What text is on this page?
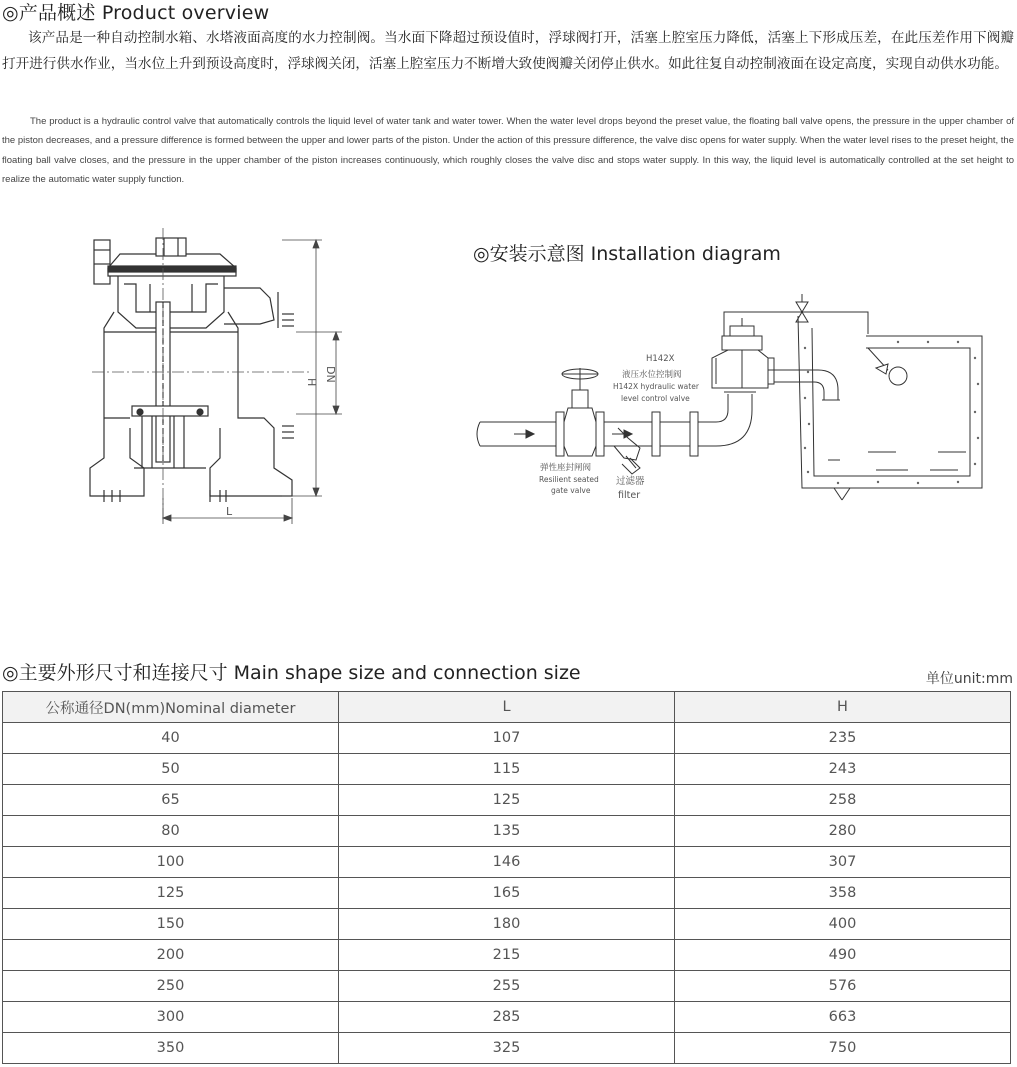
◎产品概述 Product overview
该产品是一种自动控制水箱、水塔液面高度的水力控制阀。当水面下降超过预设值时，浮球阀打开，活塞上腔室压力降低，活塞上下形成压差，在此压差作用下阀瓣打开进行供水作业，当水位上升到预设高度时，浮球阀关闭，活塞上腔室压力不断增大致使阀瓣关闭停止供水。如此往复自动控制液面在设定高度，实现自动供水功能。
The product is a hydraulic control valve that automatically controls the liquid level of water tank and water tower. When the water level drops beyond the preset value, the floating ball valve opens, the pressure in the upper chamber of the piston decreases, and a pressure difference is formed between the upper and lower parts of the piston. Under the action of this pressure difference, the valve disc opens for water supply. When the water level rises to the preset height, the floating ball valve closes, and the pressure in the upper chamber of the piston increases continuously, which roughly closes the valve disc and stops water supply. In this way, the liquid level is automatically controlled at the set height to realize the automatic water supply function.
H DN
L
◎安装示意图 Installation diagram
H142X
液压水位控制阀
H142X hydraulic water
level control valve
弹性座封闸阀
Resilient seated
gate valve
过滤器
filter
◎主要外形尺寸和连接尺寸 Main shape size and connection size	单位unit:mm
公称通径DN(mm)Nominal diameter	L	H
40	107	235
50	115	243
65	125	258
80	135	280
100	146	307
125	165	358
150	180	400
200	215	490
250	255	576
300	285	663
350	325	750
